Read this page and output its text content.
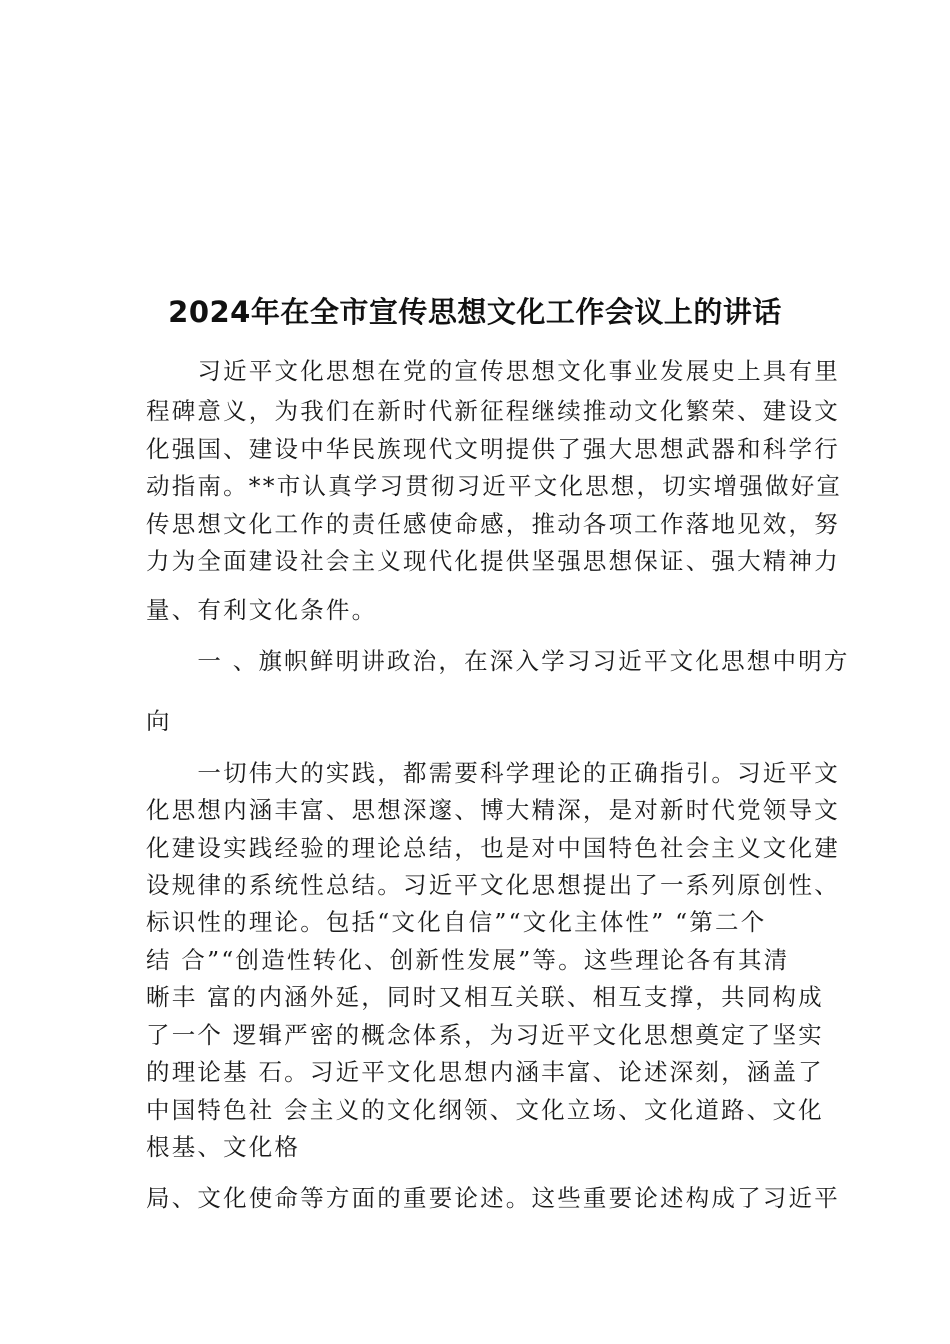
2024年在全市宣传思想文化工作会议上的讲话
　　习近平文化思想在党的宣传思想文化事业发展史上具有里
程碑意义，为我们在新时代新征程继续推动文化繁荣、建设文
化强国、建设中华民族现代文明提供了强大思想武器和科学行
动指南。**市认真学习贯彻习近平文化思想，切实增强做好宣
传思想文化工作的责任感使命感，推动各项工作落地见效，努
力为全面建设社会主义现代化提供坚强思想保证、强大精神力
量、有利文化条件。
　　一 、旗帜鲜明讲政治，在深入学习习近平文化思想中明方
向
　　一切伟大的实践，都需要科学理论的正确指引。习近平文
化思想内涵丰富、思想深邃、博大精深，是对新时代党领导文
化建设实践经验的理论总结，也是对中国特色社会主义文化建
设规律的系统性总结。习近平文化思想提出了一系列原创性、
标识性的理论。包括“文化自信”“文化主体性” “第二个
结 合”“创造性转化、创新性发展”等。这些理论各有其清
晰丰 富的内涵外延，同时又相互关联、相互支撑，共同构成
了一个 逻辑严密的概念体系，为习近平文化思想奠定了坚实
的理论基 石。习近平文化思想内涵丰富、论述深刻，涵盖了
中国特色社 会主义的文化纲领、文化立场、文化道路、文化
根基、文化格
局、文化使命等方面的重要论述。这些重要论述构成了习近平
